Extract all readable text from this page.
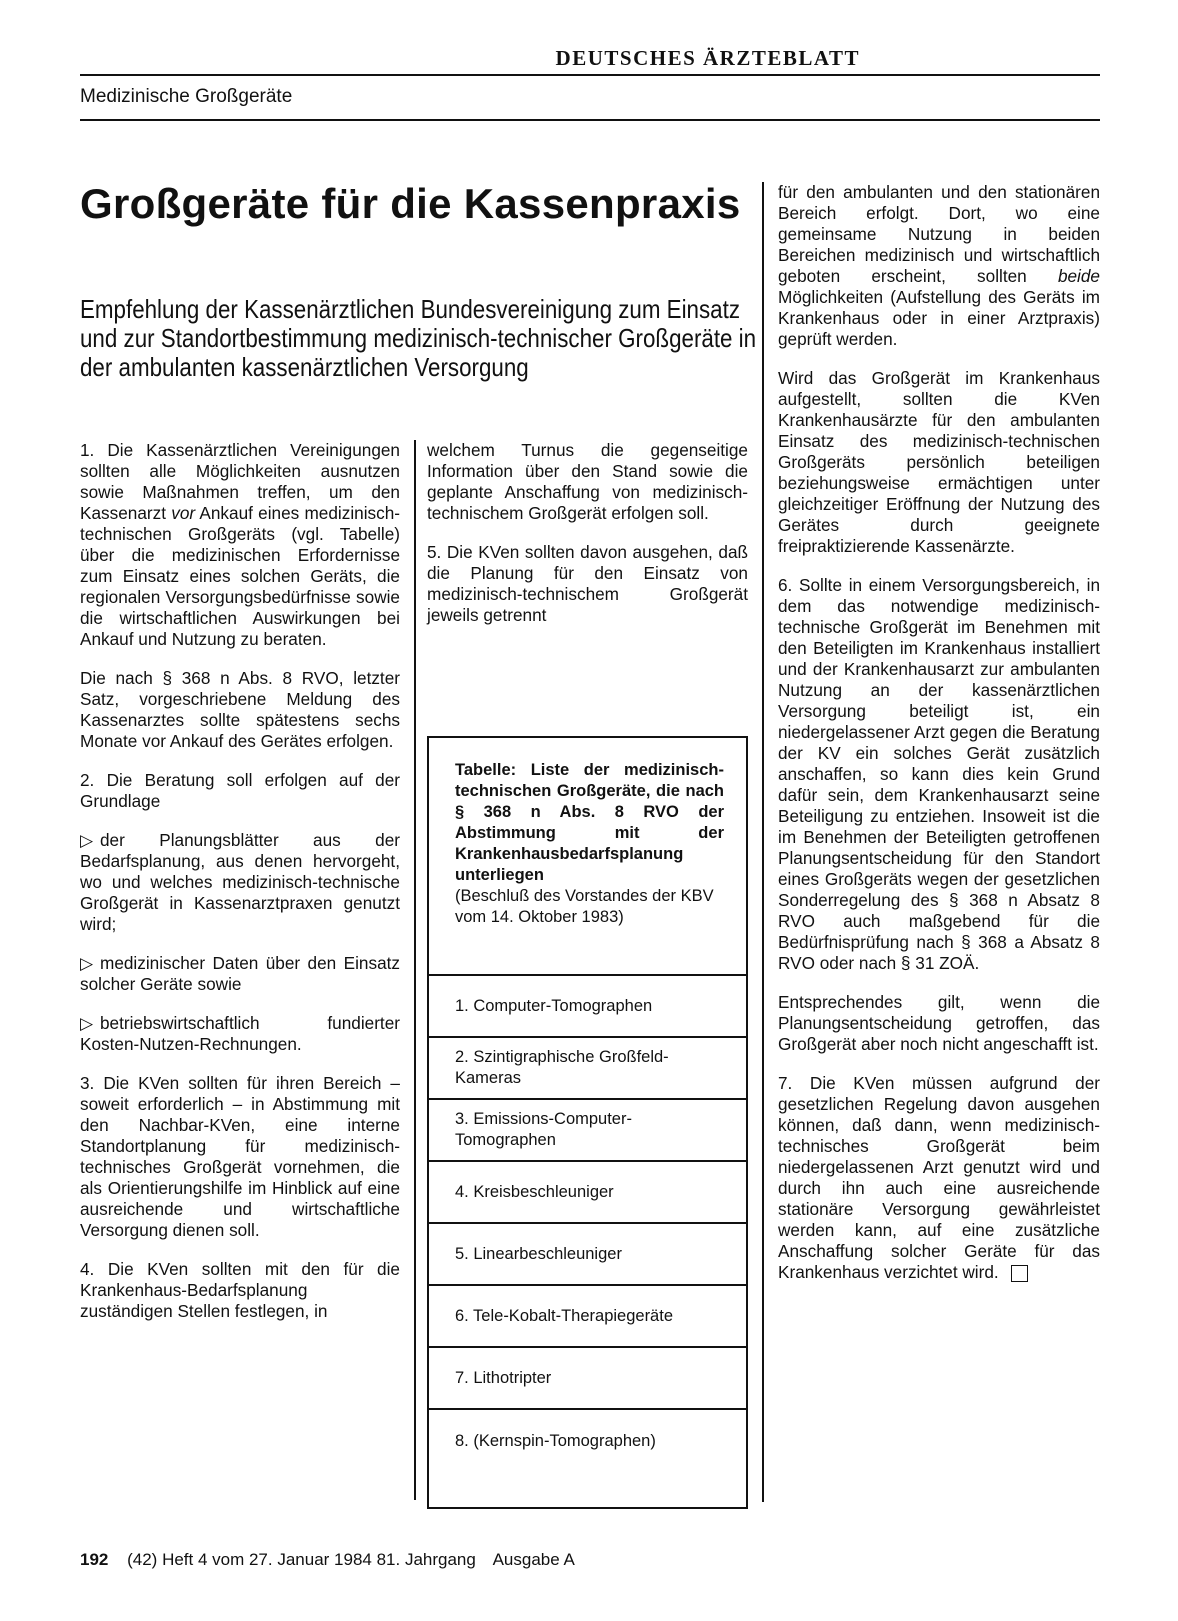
DEUTSCHES ÄRZTEBLATT
Medizinische Großgeräte
Großgeräte für die Kassenpraxis

Empfehlung der Kassenärztlichen Bundesvereinigung zum Einsatz und zur Standortbestimmung medizinisch-technischer Großgeräte in der ambulanten kassenärztlichen Versorgung

1. Die Kassenärztlichen Vereinigungen sollten alle Möglichkeiten ausnutzen sowie Maßnahmen treffen, um den Kassenarzt vor Ankauf eines medizinisch-technischen Großgeräts (vgl. Tabelle) über die medizinischen Erfordernisse zum Einsatz eines solchen Geräts, die regionalen Versorgungsbedürfnisse sowie die wirtschaftlichen Auswirkungen bei Ankauf und Nutzung zu beraten.

Die nach § 368 n Abs. 8 RVO, letzter Satz, vorgeschriebene Meldung des Kassenarztes sollte spätestens sechs Monate vor Ankauf des Gerätes erfolgen.

2. Die Beratung soll erfolgen auf der Grundlage

▷ der Planungsblätter aus der Bedarfsplanung, aus denen hervorgeht, wo und welches medizinisch-technische Großgerät in Kassenarztpraxen genutzt wird;

▷ medizinischer Daten über den Einsatz solcher Geräte sowie

▷ betriebswirtschaftlich fundierter Kosten-Nutzen-Rechnungen.

3. Die KVen sollten für ihren Bereich – soweit erforderlich – in Abstimmung mit den Nachbar-KVen, eine interne Standortplanung für medizinisch-technisches Großgerät vornehmen, die als Orientierungshilfe im Hinblick auf eine ausreichende und wirtschaftliche Versorgung dienen soll.

4. Die KVen sollten mit den für die Krankenhaus-Bedarfsplanung zuständigen Stellen festlegen, in

welchem Turnus die gegenseitige Information über den Stand sowie die geplante Anschaffung von medizinisch-technischem Großgerät erfolgen soll.

5. Die KVen sollten davon ausgehen, daß die Planung für den Einsatz von medizinisch-technischem Großgerät jeweils getrennt

Tabelle: Liste der medizinisch-technischen Großgeräte, die nach § 368 n Abs. 8 RVO der Abstimmung mit der Krankenhausbedarfsplanung unterliegen
(Beschluß des Vorstandes der KBV vom 14. Oktober 1983)
1. Computer-Tomographen
2. Szintigraphische Großfeld-Kameras
3. Emissions-Computer-Tomographen
4. Kreisbeschleuniger
5. Linearbeschleuniger
6. Tele-Kobalt-Therapiegeräte
7. Lithotripter
8. (Kernspin-Tomographen)

für den ambulanten und den stationären Bereich erfolgt. Dort, wo eine gemeinsame Nutzung in beiden Bereichen medizinisch und wirtschaftlich geboten erscheint, sollten beide Möglichkeiten (Aufstellung des Geräts im Krankenhaus oder in einer Arztpraxis) geprüft werden.

Wird das Großgerät im Krankenhaus aufgestellt, sollten die KVen Krankenhausärzte für den ambulanten Einsatz des medizinisch-technischen Großgeräts persönlich beteiligen beziehungsweise ermächtigen unter gleichzeitiger Eröffnung der Nutzung des Gerätes durch geeignete freipraktizierende Kassenärzte.

6. Sollte in einem Versorgungsbereich, in dem das notwendige medizinisch-technische Großgerät im Benehmen mit den Beteiligten im Krankenhaus installiert und der Krankenhausarzt zur ambulanten Nutzung an der kassenärztlichen Versorgung beteiligt ist, ein niedergelassener Arzt gegen die Beratung der KV ein solches Gerät zusätzlich anschaffen, so kann dies kein Grund dafür sein, dem Krankenhausarzt seine Beteiligung zu entziehen. Insoweit ist die im Benehmen der Beteiligten getroffenen Planungsentscheidung für den Standort eines Großgeräts wegen der gesetzlichen Sonderregelung des § 368 n Absatz 8 RVO auch maßgebend für die Bedürfnisprüfung nach § 368 a Absatz 8 RVO oder nach § 31 ZOÄ.

Entsprechendes gilt, wenn die Planungsentscheidung getroffen, das Großgerät aber noch nicht angeschafft ist.

7. Die KVen müssen aufgrund der gesetzlichen Regelung davon ausgehen können, daß dann, wenn medizinisch-technisches Großgerät beim niedergelassenen Arzt genutzt wird und durch ihn auch eine ausreichende stationäre Versorgung gewährleistet werden kann, auf eine zusätzliche Anschaffung solcher Geräte für das Krankenhaus verzichtet wird.

192 (42) Heft 4 vom 27. Januar 1984 81. Jahrgang Ausgabe A
